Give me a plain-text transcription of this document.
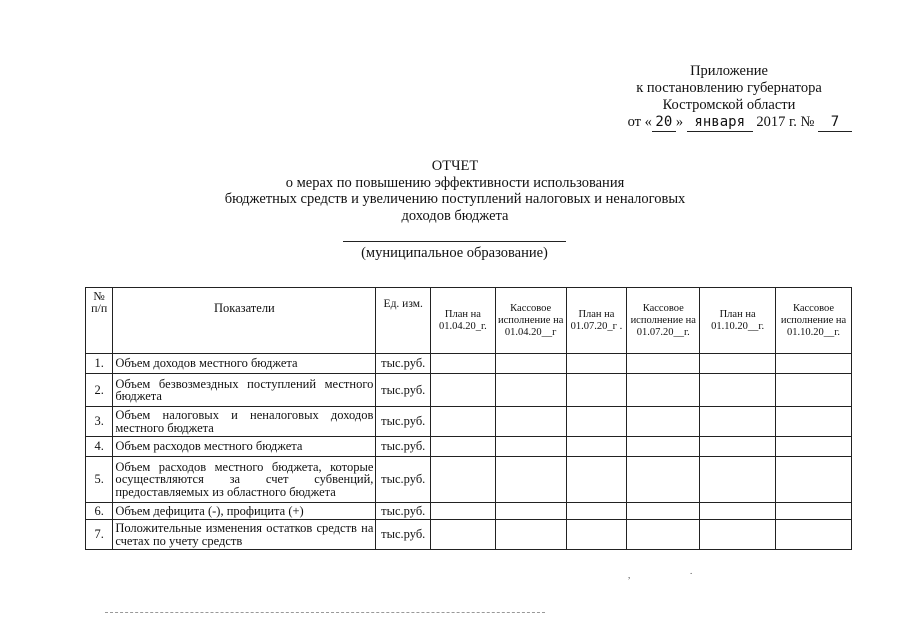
Приложение
к постановлению губернатора
Костромской области
от « 20 » января 2017 г. № 7
ОТЧЕТ
о мерах по повышению эффективности использования
бюджетных средств и увеличению поступлений налоговых и неналоговых
доходов бюджета
(муниципальное образование)
№ п/п	Показатели	Ед. изм.	План на 01.04.20_г.	Кассовое исполнение на 01.04.20__г	План на 01.07.20_г .	Кассовое исполнение на 01.07.20__г.	План на 01.10.20__г.	Кассовое исполнение на 01.10.20__г.
1.	Объем доходов местного бюджета	тыс.руб.						
2.	Объем безвозмездных поступлений местного бюджета	тыс.руб.						
3.	Объем налоговых и неналоговых доходов местного бюджета	тыс.руб.						
4.	Объем расходов местного бюджета	тыс.руб.						
5.	Объем расходов местного бюджета, которые осуществляются за счет субвенций, предоставляемых из областного бюджета	тыс.руб.						
6.	Объем дефицита (-), профицита (+)	тыс.руб.						
7.	Положительные изменения остатков средств на счетах по учету средств	тыс.руб.						
,	.
